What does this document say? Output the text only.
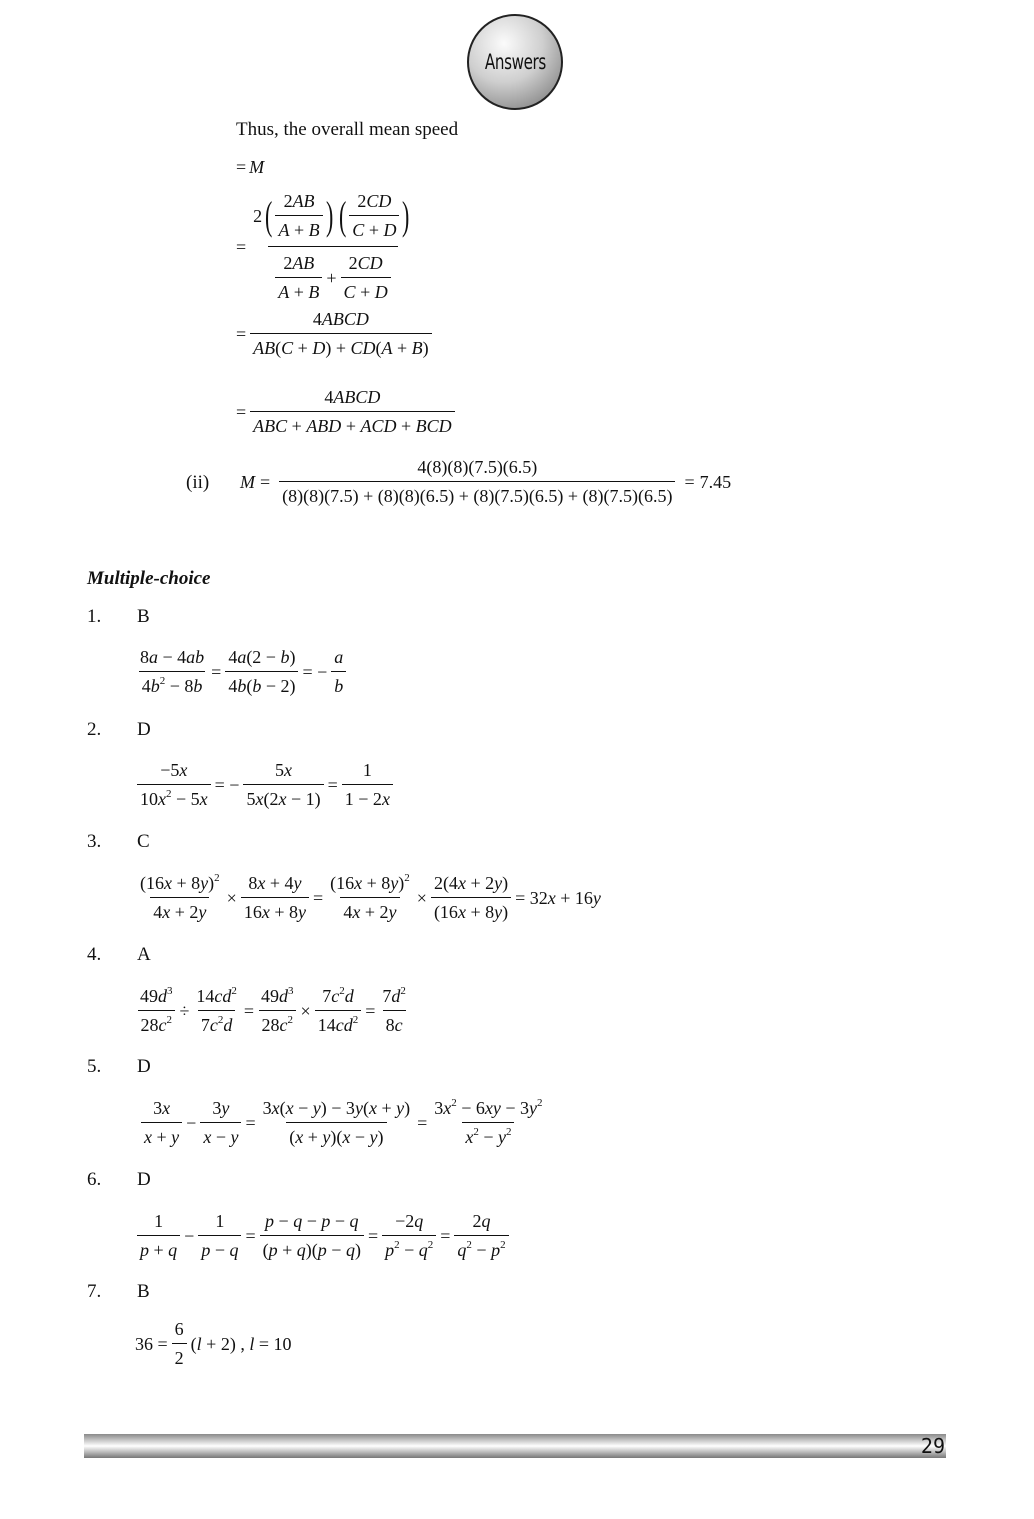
Answers
Thus, the overall mean speed
= M
= $\frac{2 ( \frac{2AB}{A + B} ) ( \frac{2CD}{C + D} )}{\frac{2AB}{A + B} + \frac{2CD}{C + D}}$
= $\frac{\text{4ABCD}}{AB(C + D) + CD(A + B)}$
= $\frac{\text{4ABCD}}{\text{ABC + ABD + ACD + BCD}}$
(ii) $M = \frac{4(8)(8)(7.5)(6.5)}{(8)(8)(7.5) + (8)(8)(6.5) + (8)(7.5)(6.5) + (8)(7.5)(6.5)} = 7.45$
Multiple-choice
1. B
$\frac{8a - 4ab}{4b^2 - 8b} = \frac{4a(2 - b)}{4b(b - 2)}$ = − $\frac{a}{b}$
2. D
$\frac{-5x}{10x^2 - 5x}$ = − $\frac{5x}{5x(2x - 1)} = \frac{1}{1 - 2x}$
3. C
$\frac{(16x + 8y)^2}{4x + 2y} \times \frac{8x + 4y}{16x + 8y} = \frac{(16x + 8y)^2}{4x + 2y} \times \frac{2(4x + 2y)}{(16x + 8y)} = 32x + 16y$
4. A
$\frac{49d^3}{28c^2} \div \frac{14cd^2}{7c^2d} = \frac{49d^3}{28c^2} \times \frac{7c^2d}{14cd^2} = \frac{7d^2}{8c}$
5. D
$\frac{3x}{x + y} - \frac{3y}{x - y} = \frac{3x(x - y) - 3y(x + y)}{(x + y)(x - y)} = \frac{3x^2 - 6xy - 3y^2}{x^2 - y^2}$
6. D
$\frac{1}{p + q} - \frac{1}{p - q} = \frac{p - q - p - q}{(p + q)(p - q)} = \frac{-2q}{p^2 - q^2} = \frac{2q}{q^2 - p^2}$
7. B
$36 = \frac{6}{2} (l + 2)$ , l = 10
29
